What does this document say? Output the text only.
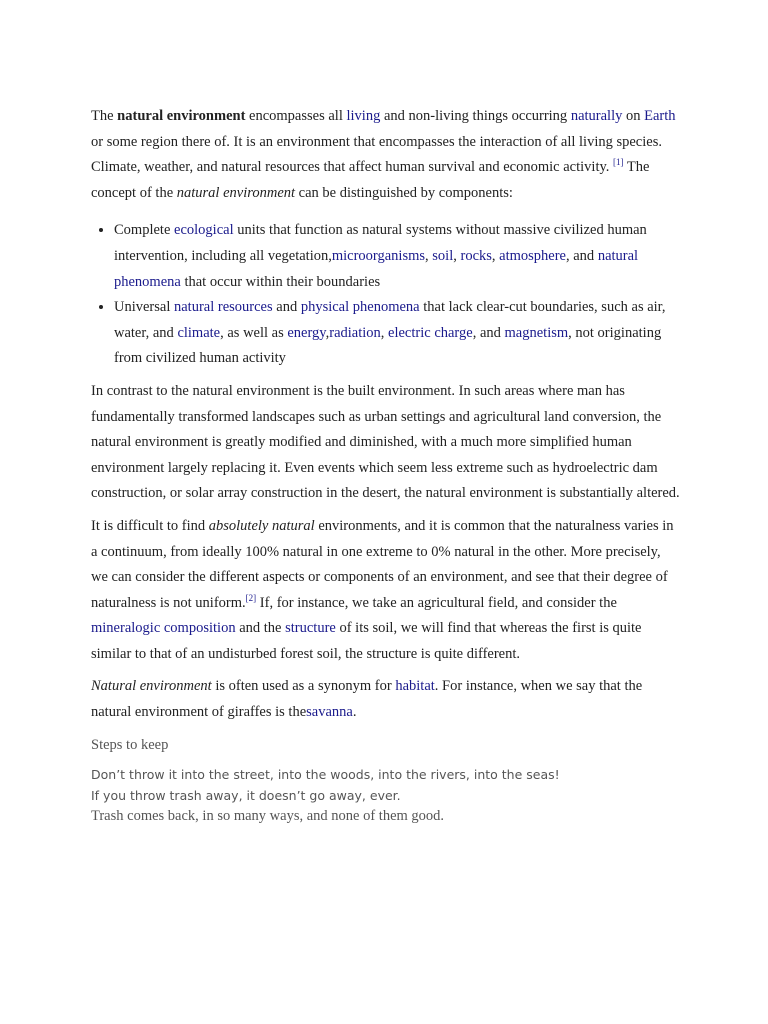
The natural environment encompasses all living and non-living things occurring naturally on Earth or some region there of. It is an environment that encompasses the interaction of all living species. Climate, weather, and natural resources that affect human survival and economic activity. [1] The concept of the natural environment can be distinguished by components:

• Complete ecological units that function as natural systems without massive civilized human intervention, including all vegetation,microorganisms, soil, rocks, atmosphere, and natural phenomena that occur within their boundaries
• Universal natural resources and physical phenomena that lack clear-cut boundaries, such as air, water, and climate, as well as energy,radiation, electric charge, and magnetism, not originating from civilized human activity

In contrast to the natural environment is the built environment. In such areas where man has fundamentally transformed landscapes such as urban settings and agricultural land conversion, the natural environment is greatly modified and diminished, with a much more simplified human environment largely replacing it. Even events which seem less extreme such as hydroelectric dam construction, or solar array construction in the desert, the natural environment is substantially altered.

It is difficult to find absolutely natural environments, and it is common that the naturalness varies in a continuum, from ideally 100% natural in one extreme to 0% natural in the other. More precisely, we can consider the different aspects or components of an environment, and see that their degree of naturalness is not uniform.[2] If, for instance, we take an agricultural field, and consider the mineralogic composition and the structure of its soil, we will find that whereas the first is quite similar to that of an undisturbed forest soil, the structure is quite different.

Natural environment is often used as a synonym for habitat. For instance, when we say that the natural environment of giraffes is thesavanna.

Steps to keep
Don’t throw it into the street, into the woods, into the rivers, into the seas!
If you throw trash away, it doesn’t go away, ever.
Trash comes back, in so many ways, and none of them good.
